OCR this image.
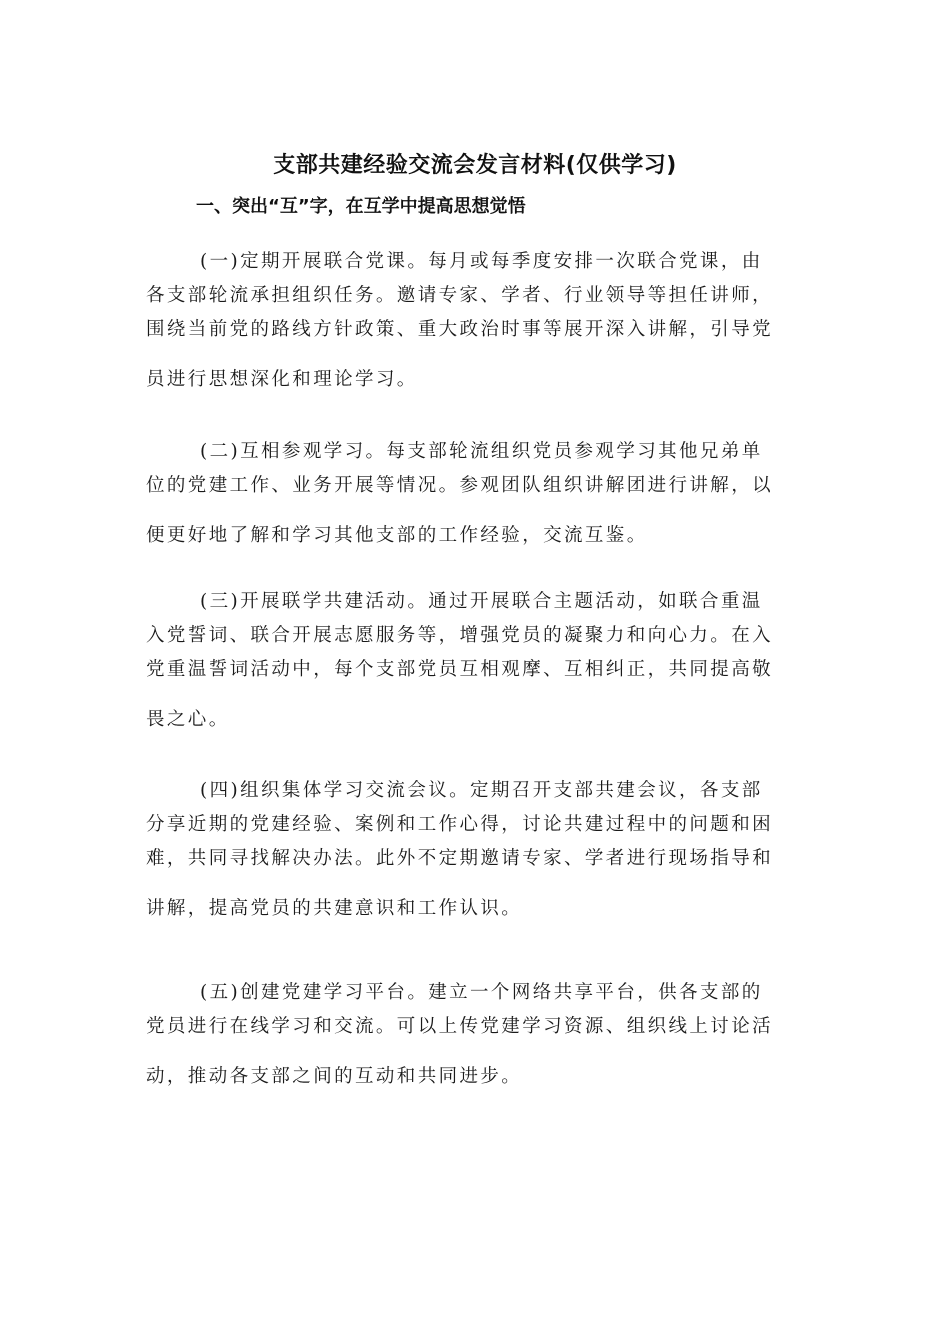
支部共建经验交流会发言材料(仅供学习)
一、突出“互”字，在互学中提高思想觉悟
(一)定期开展联合党课。每月或每季度安排一次联合党课，由
各支部轮流承担组织任务。邀请专家、学者、行业领导等担任讲师，
围绕当前党的路线方针政策、重大政治时事等展开深入讲解，引导党
员进行思想深化和理论学习。
(二)互相参观学习。每支部轮流组织党员参观学习其他兄弟单
位的党建工作、业务开展等情况。参观团队组织讲解团进行讲解，以
便更好地了解和学习其他支部的工作经验，交流互鉴。
(三)开展联学共建活动。通过开展联合主题活动，如联合重温
入党誓词、联合开展志愿服务等，增强党员的凝聚力和向心力。在入
党重温誓词活动中，每个支部党员互相观摩、互相纠正，共同提高敬
畏之心。
(四)组织集体学习交流会议。定期召开支部共建会议，各支部
分享近期的党建经验、案例和工作心得，讨论共建过程中的问题和困
难，共同寻找解决办法。此外不定期邀请专家、学者进行现场指导和
讲解，提高党员的共建意识和工作认识。
(五)创建党建学习平台。建立一个网络共享平台，供各支部的
党员进行在线学习和交流。可以上传党建学习资源、组织线上讨论活
动，推动各支部之间的互动和共同进步。
